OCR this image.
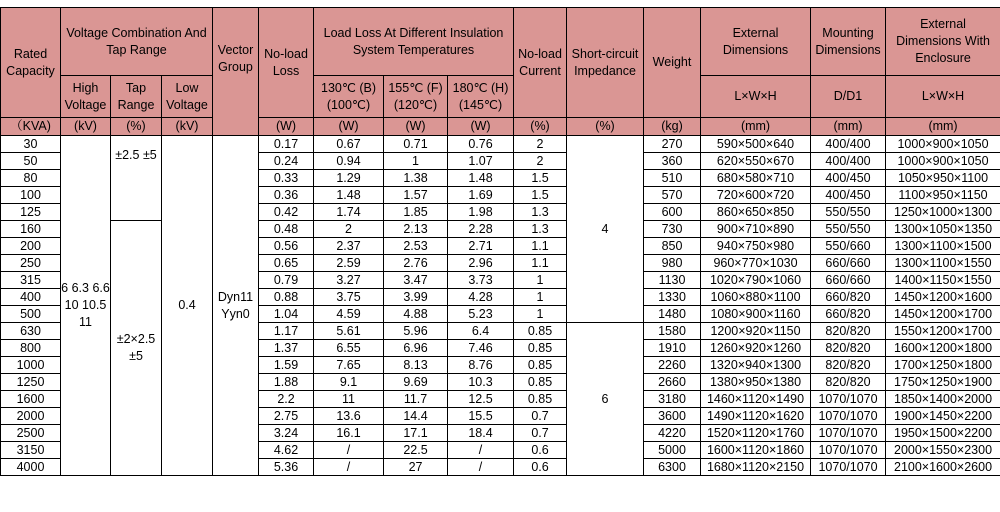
Rated Capacity	Voltage Combination And Tap Range			Vector Group	No-load Loss	Load Loss At Different Insulation System Temperatures			No-load Current	Short-circuit Impedance	Weight	External Dimensions	Mounting Dimensions	External Dimensions With Enclosure
	High Voltage	Tap Range	Low Voltage			130℃ (B) (100℃)	155℃ (F) (120℃)	180℃ (H) (145℃)				L×W×H	D/D1	L×W×H
（KVA)	(kV)	(%)	(kV)		(W)	(W)	(W)	(W)	(%)	(%)	(kg)	(mm)	(mm)	(mm)
30	6 6.3 6.6 10 10.5 11	±2.5 ±5	0.4	Dyn11 Yyn0	0.17	0.67	0.71	0.76	2	4	270	590×500×640	400/400	1000×900×1050
50					0.24	0.94	1	1.07	2		360	620×550×670	400/400	1000×900×1050
80					0.33	1.29	1.38	1.48	1.5		510	680×580×710	400/450	1050×950×1100
100					0.36	1.48	1.57	1.69	1.5		570	720×600×720	400/450	1100×950×1150
125					0.42	1.74	1.85	1.98	1.3		600	860×650×850	550/550	1250×1000×1300
160		±2×2.5 ±5			0.48	2	2.13	2.28	1.3		730	900×710×890	550/550	1300×1050×1350
200					0.56	2.37	2.53	2.71	1.1		850	940×750×980	550/660	1300×1100×1500
250					0.65	2.59	2.76	2.96	1.1		980	960×770×1030	660/660	1300×1100×1550
315					0.79	3.27	3.47	3.73	1		1130	1020×790×1060	660/660	1400×1150×1550
400					0.88	3.75	3.99	4.28	1		1330	1060×880×1100	660/820	1450×1200×1600
500					1.04	4.59	4.88	5.23	1		1480	1080×900×1160	660/820	1450×1200×1700
630					1.17	5.61	5.96	6.4	0.85	6	1580	1200×920×1150	820/820	1550×1200×1700
800					1.37	6.55	6.96	7.46	0.85		1910	1260×920×1260	820/820	1600×1200×1800
1000					1.59	7.65	8.13	8.76	0.85		2260	1320×940×1300	820/820	1700×1250×1800
1250					1.88	9.1	9.69	10.3	0.85		2660	1380×950×1380	820/820	1750×1250×1900
1600					2.2	11	11.7	12.5	0.85		3180	1460×1120×1490	1070/1070	1850×1400×2000
2000					2.75	13.6	14.4	15.5	0.7		3600	1490×1120×1620	1070/1070	1900×1450×2200
2500					3.24	16.1	17.1	18.4	0.7		4220	1520×1120×1760	1070/1070	1950×1500×2200
3150					4.62	/	22.5	/	0.6		5000	1600×1120×1860	1070/1070	2000×1550×2300
4000					5.36	/	27	/	0.6		6300	1680×1120×2150	1070/1070	2100×1600×2600
